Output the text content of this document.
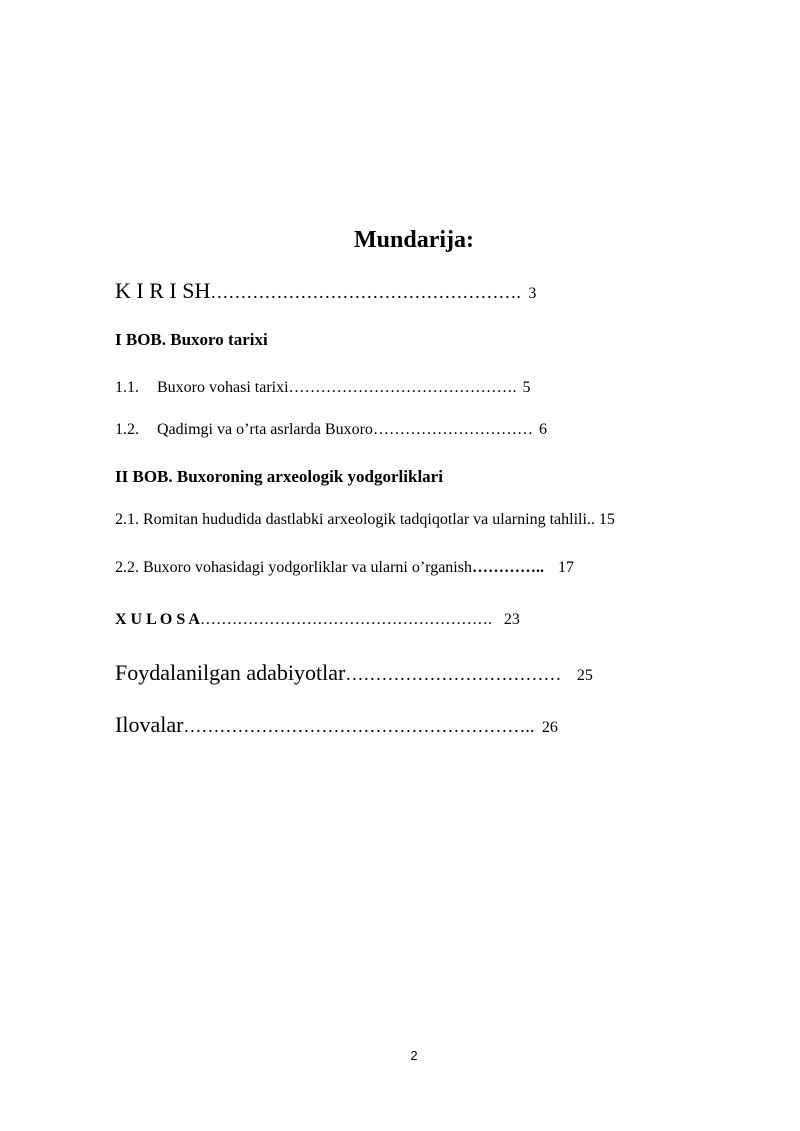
Mundarija:
K I R I SH……………………………………………. 3
I BOB. Buxoro tarixi
1.1. Buxoro vohasi tarixi……………………………………. 5
1.2. Qadimgi va o’rta asrlarda Buxoro………………………… 6
II BOB. Buxoroning arxeologik yodgorliklari
2.1. Romitan hududida dastlabki arxeologik tadqiqotlar va ularning tahlili.. 15
2.2. Buxoro vohasidagi yodgorliklar va ularni o’rganish………….. 17
X U L O S A………………………………………………. 23
Foydalanilgan adabiyotlar……………………………… 25
Ilovalar………………………………………………….. 26
2
